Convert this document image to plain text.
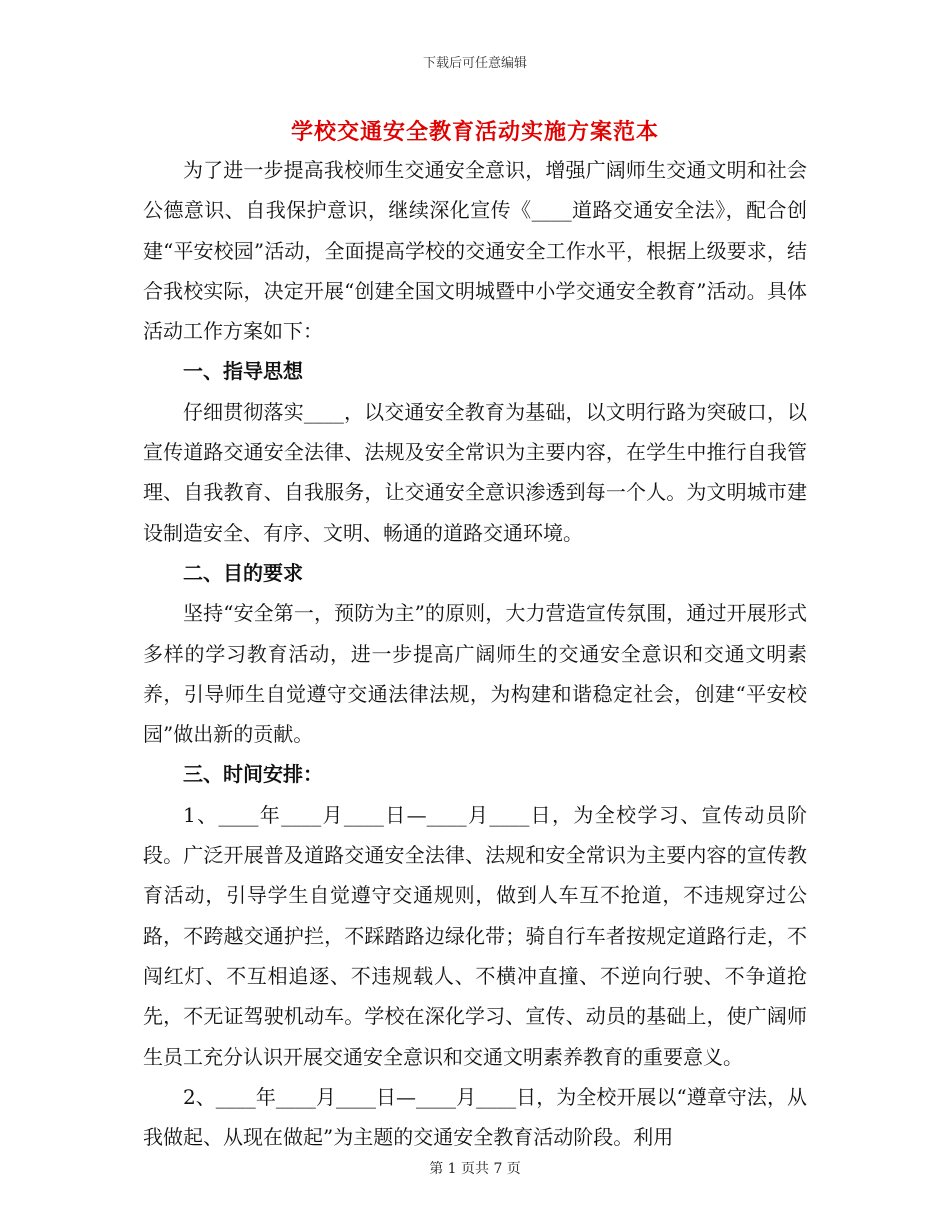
下载后可任意编辑
学校交通安全教育活动实施方案范本

为了进一步提高我校师生交通安全意识，增强广阔师生交通文明和社会公德意识、自我保护意识，继续深化宣传《____道路交通安全法》，配合创建“平安校园”活动，全面提高学校的交通安全工作水平，根据上级要求，结合我校实际，决定开展“创建全国文明城暨中小学交通安全教育”活动。具体活动工作方案如下：

一、指导思想

仔细贯彻落实____，以交通安全教育为基础，以文明行路为突破口，以宣传道路交通安全法律、法规及安全常识为主要内容，在学生中推行自我管理、自我教育、自我服务，让交通安全意识渗透到每一个人。为文明城市建设制造安全、有序、文明、畅通的道路交通环境。

二、目的要求

坚持“安全第一，预防为主”的原则，大力营造宣传氛围，通过开展形式多样的学习教育活动，进一步提高广阔师生的交通安全意识和交通文明素养，引导师生自觉遵守交通法律法规，为构建和谐稳定社会，创建“平安校园”做出新的贡献。

三、时间安排：

1、____年____月____日—____月____日，为全校学习、宣传动员阶段。广泛开展普及道路交通安全法律、法规和安全常识为主要内容的宣传教育活动，引导学生自觉遵守交通规则，做到人车互不抢道，不违规穿过公路，不跨越交通护拦，不踩踏路边绿化带；骑自行车者按规定道路行走，不闯红灯、不互相追逐、不违规载人、不横冲直撞、不逆向行驶、不争道抢先，不无证驾驶机动车。学校在深化学习、宣传、动员的基础上，使广阔师生员工充分认识开展交通安全意识和交通文明素养教育的重要意义。

2、____年____月____日—____月____日，为全校开展以“遵章守法，从我做起、从现在做起”为主题的交通安全教育活动阶段。利用

第 1 页共 7 页
